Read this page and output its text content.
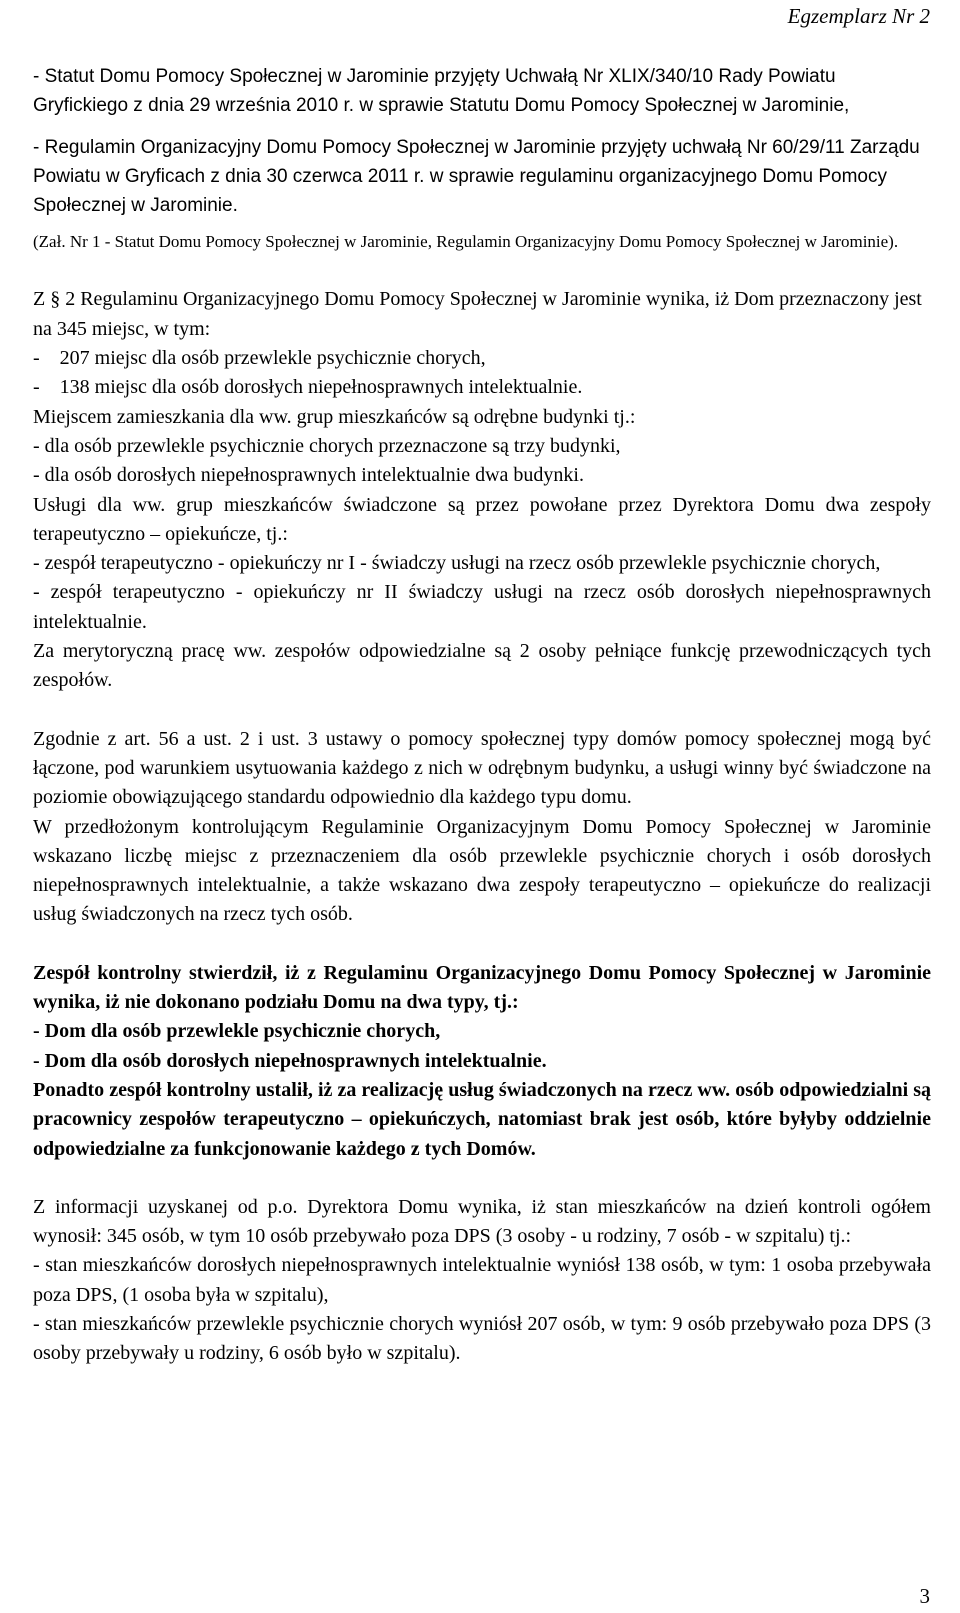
Egzemplarz Nr 2

- Statut Domu Pomocy Społecznej w Jarominie przyjęty Uchwałą Nr XLIX/340/10 Rady Powiatu Gryfickiego z dnia 29 września 2010 r. w sprawie Statutu Domu Pomocy Społecznej w Jarominie,

- Regulamin Organizacyjny Domu Pomocy Społecznej w Jarominie przyjęty uchwałą Nr 60/29/11 Zarządu Powiatu w Gryficach z dnia 30 czerwca 2011 r. w sprawie regulaminu organizacyjnego Domu Pomocy Społecznej w Jarominie.

(Zał. Nr 1 - Statut Domu Pomocy Społecznej w Jarominie, Regulamin Organizacyjny Domu Pomocy Społecznej w Jarominie).

Z § 2 Regulaminu Organizacyjnego Domu Pomocy Społecznej w Jarominie wynika, iż Dom przeznaczony jest na 345 miejsc, w tym:

-    207 miejsc dla osób przewlekle psychicznie chorych,

-    138 miejsc dla osób dorosłych niepełnosprawnych intelektualnie.

Miejscem zamieszkania dla ww. grup mieszkańców są odrębne budynki tj.:

- dla osób przewlekle psychicznie chorych przeznaczone są trzy budynki,

- dla osób dorosłych niepełnosprawnych intelektualnie dwa budynki.

Usługi dla ww. grup mieszkańców świadczone są przez powołane przez Dyrektora Domu dwa zespoły terapeutyczno – opiekuńcze, tj.:

- zespół terapeutyczno - opiekuńczy nr I - świadczy usługi na rzecz osób przewlekle psychicznie chorych,

- zespół terapeutyczno - opiekuńczy nr II świadczy usługi na rzecz osób dorosłych niepełnosprawnych intelektualnie.

Za merytoryczną pracę ww. zespołów odpowiedzialne są 2 osoby pełniące funkcję przewodniczących tych zespołów.

Zgodnie z art. 56 a ust. 2 i ust. 3 ustawy o pomocy społecznej typy domów pomocy społecznej mogą być łączone, pod warunkiem usytuowania każdego z nich w odrębnym budynku, a usługi winny być świadczone na poziomie obowiązującego standardu odpowiednio dla każdego typu domu.

W przedłożonym kontrolującym Regulaminie Organizacyjnym Domu Pomocy Społecznej w Jarominie wskazano liczbę miejsc z przeznaczeniem dla osób przewlekle psychicznie chorych i osób dorosłych niepełnosprawnych intelektualnie, a także wskazano dwa zespoły terapeutyczno – opiekuńcze do realizacji usług świadczonych na rzecz tych osób.

Zespół kontrolny stwierdził, iż z Regulaminu Organizacyjnego Domu Pomocy Społecznej w Jarominie wynika, iż nie dokonano podziału Domu na dwa typy, tj.:

- Dom dla osób przewlekle psychicznie chorych,

- Dom dla osób dorosłych niepełnosprawnych intelektualnie.

Ponadto zespół kontrolny ustalił, iż za realizację usług świadczonych na rzecz ww. osób odpowiedzialni są pracownicy zespołów terapeutyczno – opiekuńczych, natomiast brak jest osób, które byłyby oddzielnie odpowiedzialne za funkcjonowanie każdego z tych Domów.

Z informacji uzyskanej od p.o. Dyrektora Domu wynika, iż stan mieszkańców na dzień kontroli ogółem wynosił: 345 osób, w tym 10 osób przebywało poza DPS (3 osoby - u rodziny, 7 osób - w szpitalu) tj.:

- stan mieszkańców dorosłych niepełnosprawnych intelektualnie wyniósł 138 osób, w tym: 1 osoba przebywała poza DPS, (1 osoba była w szpitalu),

- stan mieszkańców przewlekle psychicznie chorych wyniósł 207 osób, w tym: 9 osób przebywało poza DPS (3 osoby przebywały u rodziny, 6 osób było w szpitalu).

3
